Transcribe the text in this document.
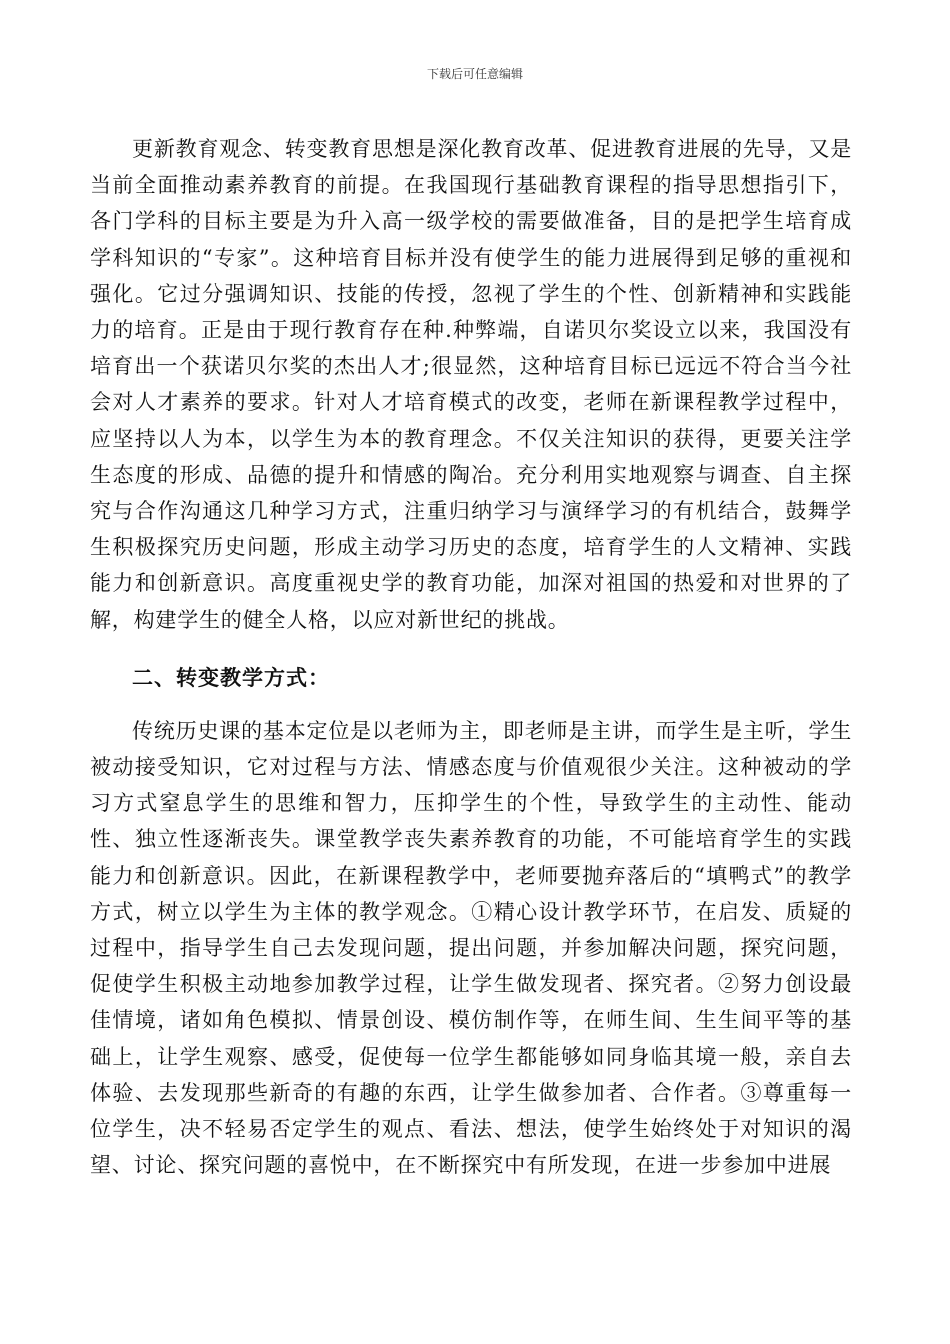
下载后可任意编辑

更新教育观念、转变教育思想是深化教育改革、促进教育进展的先导，又是当前全面推动素养教育的前提。在我国现行基础教育课程的指导思想指引下，各门学科的目标主要是为升入高一级学校的需要做准备，目的是把学生培育成学科知识的“专家”。这种培育目标并没有使学生的能力进展得到足够的重视和强化。它过分强调知识、技能的传授，忽视了学生的个性、创新精神和实践能力的培育。正是由于现行教育存在种.种弊端，自诺贝尔奖设立以来，我国没有培育出一个获诺贝尔奖的杰出人才;很显然，这种培育目标已远远不符合当今社会对人才素养的要求。针对人才培育模式的改变，老师在新课程教学过程中，应坚持以人为本，以学生为本的教育理念。不仅关注知识的获得，更要关注学生态度的形成、品德的提升和情感的陶冶。充分利用实地观察与调查、自主探究与合作沟通这几种学习方式，注重归纳学习与演绎学习的有机结合，鼓舞学生积极探究历史问题，形成主动学习历史的态度，培育学生的人文精神、实践能力和创新意识。高度重视史学的教育功能，加深对祖国的热爱和对世界的了解，构建学生的健全人格，以应对新世纪的挑战。

二、转变教学方式：

传统历史课的基本定位是以老师为主，即老师是主讲，而学生是主听，学生被动接受知识，它对过程与方法、情感态度与价值观很少关注。这种被动的学习方式窒息学生的思维和智力，压抑学生的个性，导致学生的主动性、能动性、独立性逐渐丧失。课堂教学丧失素养教育的功能，不可能培育学生的实践能力和创新意识。因此，在新课程教学中，老师要抛弃落后的“填鸭式”的教学方式，树立以学生为主体的教学观念。①精心设计教学环节，在启发、质疑的过程中，指导学生自己去发现问题，提出问题，并参加解决问题，探究问题，促使学生积极主动地参加教学过程，让学生做发现者、探究者。②努力创设最佳情境，诸如角色模拟、情景创设、模仿制作等，在师生间、生生间平等的基础上，让学生观察、感受，促使每一位学生都能够如同身临其境一般，亲自去体验、去发现那些新奇的有趣的东西，让学生做参加者、合作者。③尊重每一位学生，决不轻易否定学生的观点、看法、想法，使学生始终处于对知识的渴望、讨论、探究问题的喜悦中，在不断探究中有所发现，在进一步参加中进展
